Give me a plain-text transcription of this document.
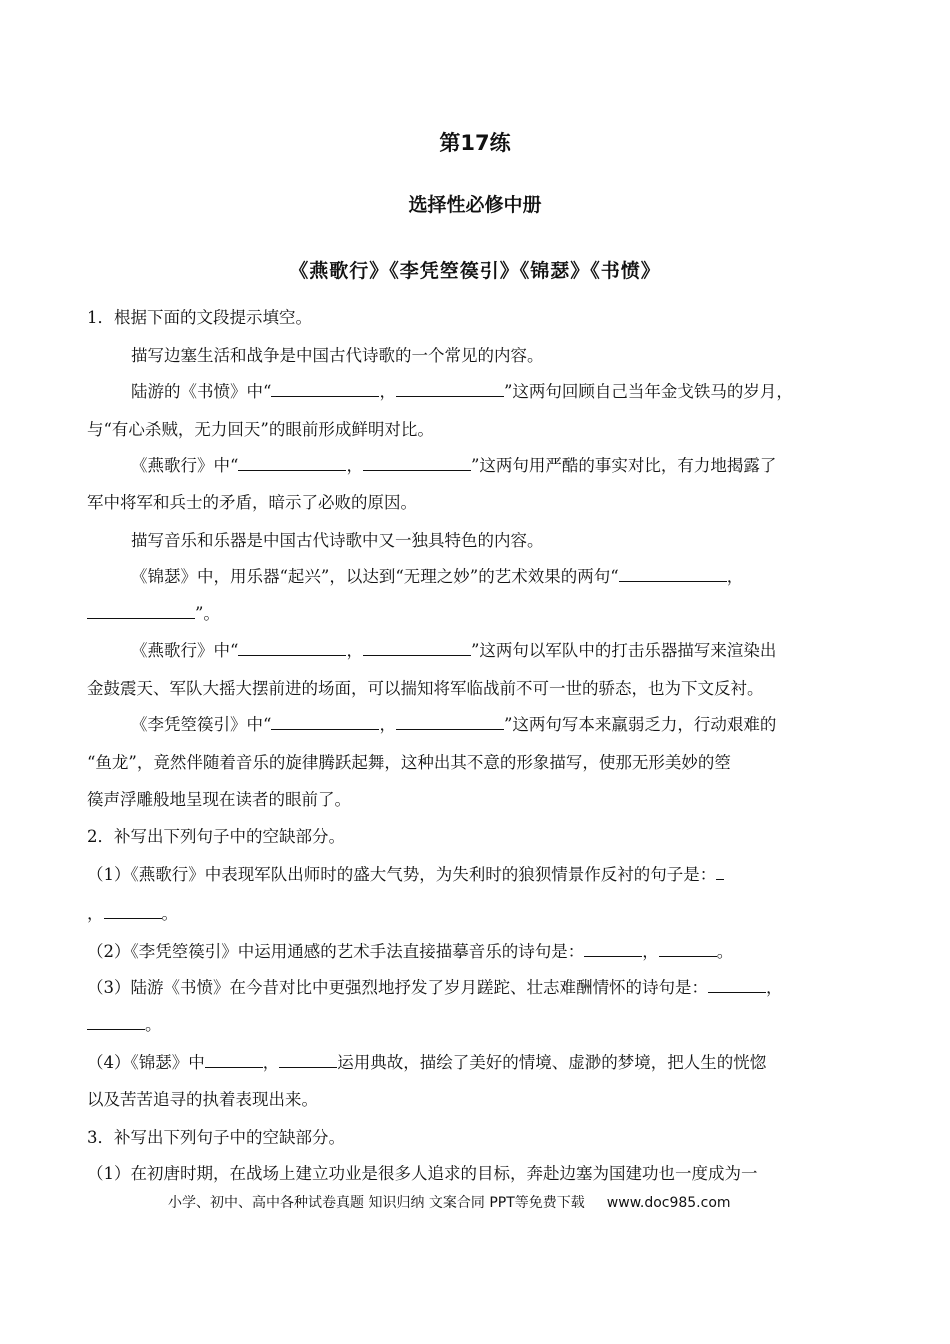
第17练
选择性必修中册
《燕歌行》《李凭箜篌引》《锦瑟》《书愤》
1．根据下面的文段提示填空。
描写边塞生活和战争是中国古代诗歌的一个常见的内容。
陆游的《书愤》中“	，	”这两句回顾自己当年金戈铁马的岁月，
与“有心杀贼，无力回天”的眼前形成鲜明对比。
《燕歌行》中“	，	”这两句用严酷的事实对比，有力地揭露了
军中将军和兵士的矛盾，暗示了必败的原因。
描写音乐和乐器是中国古代诗歌中又一独具特色的内容。
《锦瑟》中，用乐器“起兴”，以达到“无理之妙”的艺术效果的两句“	，
”。
《燕歌行》中“	，	”这两句以军队中的打击乐器描写来渲染出
金鼓震天、军队大摇大摆前进的场面，可以揣知将军临战前不可一世的骄态，也为下文反衬。
《李凭箜篌引》中“	，	”这两句写本来羸弱乏力，行动艰难的
“鱼龙”，竟然伴随着音乐的旋律腾跃起舞，这种出其不意的形象描写，使那无形美妙的箜
篌声浮雕般地呈现在读者的眼前了。
2．补写出下列句子中的空缺部分。
（1）《燕歌行》中表现军队出师时的盛大气势，为失利时的狼狈情景作反衬的句子是：
，	。
（2）《李凭箜篌引》中运用通感的艺术手法直接描摹音乐的诗句是：	，	。
（3）陆游《书愤》在今昔对比中更强烈地抒发了岁月蹉跎、壮志难酬情怀的诗句是：	，
。
（4）《锦瑟》中	，	运用典故，描绘了美好的情境、虚渺的梦境，把人生的恍惚
以及苦苦追寻的执着表现出来。
3．补写出下列句子中的空缺部分。
（1）在初唐时期，在战场上建立功业是很多人追求的目标，奔赴边塞为国建功也一度成为一
小学、初中、高中各种试卷真题 知识归纳 文案合同 PPT等免费下载 www.doc985.com
